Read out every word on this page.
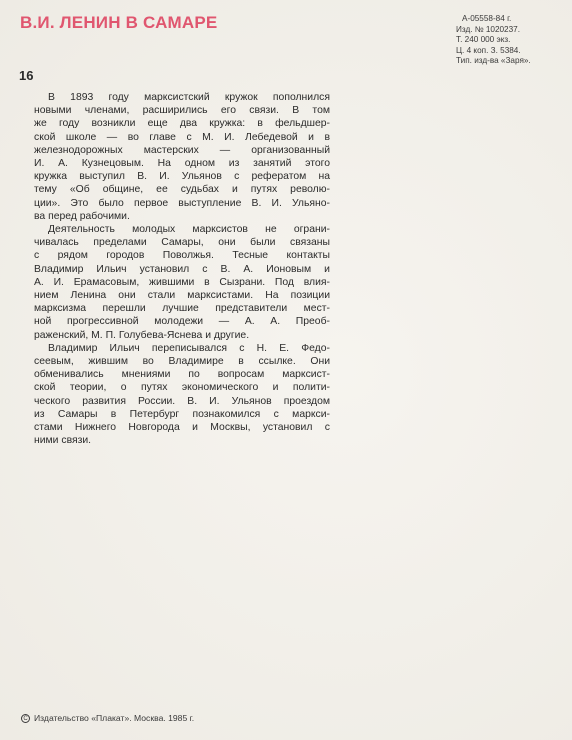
В.И. ЛЕНИН В САМАРЕ	А-05558-84 г.
Изд. № 1020237.
Т. 240 000 экз.
Ц. 4 коп. З. 5384.
Тип. изд-ва «Заря».
16

В 1893 году марксистский кружок пополнился
новыми членами, расширились его связи. В том
же году возникли еще два кружка: в фельдшер-
ской школе — во главе с М. И. Лебедевой и в
железнодорожных мастерских — организованный
И. А. Кузнецовым. На одном из занятий этого
кружка выступил В. И. Ульянов с рефератом на
тему «Об общине, ее судьбах и путях револю-
ции». Это было первое выступление В. И. Ульяно-
ва перед рабочими.

Деятельность молодых марксистов не ограни-
чивалась пределами Самары, они были связаны
с рядом городов Поволжья. Тесные контакты
Владимир Ильич установил с В. А. Ионовым и
А. И. Ерамасовым, жившими в Сызрани. Под влия-
нием Ленина они стали марксистами. На позиции
марксизма перешли лучшие представители мест-
ной прогрессивной молодежи — А. А. Преоб-
раженский, М. П. Голубева-Яснева и другие.

Владимир Ильич переписывался с Н. Е. Федо-
сеевым, жившим во Владимире в ссылке. Они
обменивались мнениями по вопросам марксист-
ской теории, о путях экономического и полити-
ческого развития России. В. И. Ульянов проездом
из Самары в Петербург познакомился с маркси-
стами Нижнего Новгорода и Москвы, установил с
ними связи.

C Издательство «Плакат». Москва. 1985 г.
